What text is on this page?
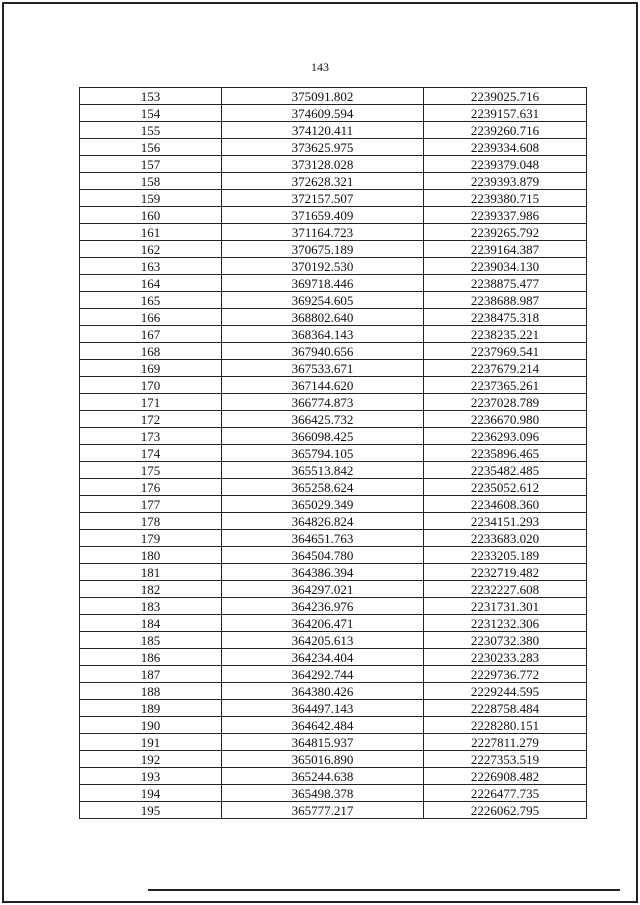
143
153	375091.802	2239025.716
154	374609.594	2239157.631
155	374120.411	2239260.716
156	373625.975	2239334.608
157	373128.028	2239379.048
158	372628.321	2239393.879
159	372157.507	2239380.715
160	371659.409	2239337.986
161	371164.723	2239265.792
162	370675.189	2239164.387
163	370192.530	2239034.130
164	369718.446	2238875.477
165	369254.605	2238688.987
166	368802.640	2238475.318
167	368364.143	2238235.221
168	367940.656	2237969.541
169	367533.671	2237679.214
170	367144.620	2237365.261
171	366774.873	2237028.789
172	366425.732	2236670.980
173	366098.425	2236293.096
174	365794.105	2235896.465
175	365513.842	2235482.485
176	365258.624	2235052.612
177	365029.349	2234608.360
178	364826.824	2234151.293
179	364651.763	2233683.020
180	364504.780	2233205.189
181	364386.394	2232719.482
182	364297.021	2232227.608
183	364236.976	2231731.301
184	364206.471	2231232.306
185	364205.613	2230732.380
186	364234.404	2230233.283
187	364292.744	2229736.772
188	364380.426	2229244.595
189	364497.143	2228758.484
190	364642.484	2228280.151
191	364815.937	2227811.279
192	365016.890	2227353.519
193	365244.638	2226908.482
194	365498.378	2226477.735
195	365777.217	2226062.795
